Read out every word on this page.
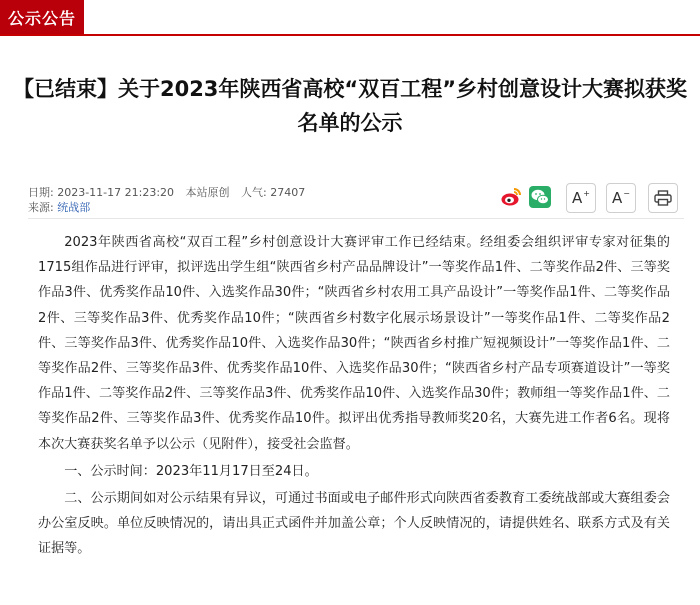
公示公告
【已结束】关于2023年陕西省高校“双百工程”乡村创意设计大赛拟获奖名单的公示
日期: 2023-11-17 21:23:20 本站原创 人气: 27407
来源: 统战部
A+ A−

2023年陕西省高校“双百工程”乡村创意设计大赛评审工作已经结束。经组委会组织评审专家对征集的1715组作品进行评审，拟评选出学生组“陕西省乡村产品品牌设计”一等奖作品1件、二等奖作品2件、三等奖作品3件、优秀奖作品10件、入选奖作品30件；“陕西省乡村农用工具产品设计”一等奖作品1件、二等奖作品2件、三等奖作品3件、优秀奖作品10件；“陕西省乡村数字化展示场景设计”一等奖作品1件、二等奖作品2件、三等奖作品3件、优秀奖作品10件、入选奖作品30件；“陕西省乡村推广短视频设计”一等奖作品1件、二等奖作品2件、三等奖作品3件、优秀奖作品10件、入选奖作品30件；“陕西省乡村产品专项赛道设计”一等奖作品1件、二等奖作品2件、三等奖作品3件、优秀奖作品10件、入选奖作品30件；教师组一等奖作品1件、二等奖作品2件、三等奖作品3件、优秀奖作品10件。拟评出优秀指导教师奖20名，大赛先进工作者6名。现将本次大赛获奖名单予以公示（见附件），接受社会监督。

一、公示时间：2023年11月17日至24日。

二、公示期间如对公示结果有异议，可通过书面或电子邮件形式向陕西省委教育工委统战部或大赛组委会办公室反映。单位反映情况的，请出具正式函件并加盖公章；个人反映情况的，请提供姓名、联系方式及有关证据等。
